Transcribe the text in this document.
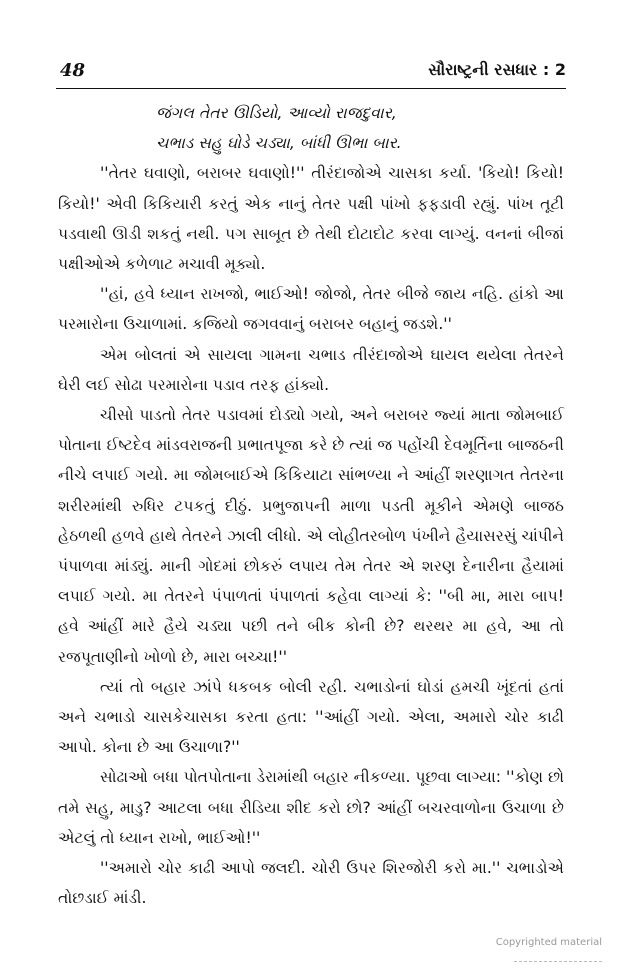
48	સૌરાષ્ટ્રની રસધાર : 2
જંગલ તેતર ઊડિયો, આવ્યો રાજદુવાર,
ચભાડ સહુ ઘોડે ચડ્યા, બાંધી ઊભા બાર.

''તેતર ઘવાણો, બરાબર ઘવાણો!'' તીરંદાજોએ ચાસકા કર્યા. 'કિયો! કિયો! કિયો!' એવી કિકિયારી કરતું એક નાનું તેતર પક્ષી પાંખો ફફડાવી રહ્યું. પાંખ તૂટી પડવાથી ઊડી શકતું નથી. પગ સાબૂત છે તેથી દોટાદોટ કરવા લાગ્યું. વનનાં બીજાં પક્ષીઓએ કળેળાટ મચાવી મૂક્યો.

''હાં, હવે ધ્યાન રાખજો, ભાઈઓ! જોજો, તેતર બીજે જાય નહિ. હાંકો આ પરમારોના ઉચાળામાં. કજિયો જગવવાનું બરાબર બહાનું જડશે.''

એમ બોલતાં એ સાયલા ગામના ચભાડ તીરંદાજોએ ઘાયલ થયેલા તેતરને ઘેરી લઈ સોઢા પરમારોના પડાવ તરફ હાંક્યો.

ચીસો પાડતો તેતર પડાવમાં દોડ્યો ગયો, અને બરાબર જ્યાં માતા જોમબાઈ પોતાના ઈષ્ટદેવ માંડવરાજની પ્રભાતપૂજા કરે છે ત્યાં જ પહોંચી દેવમૂર્તિના બાજઠની નીચે લપાઈ ગયો. મા જોમબાઈએ કિકિયાટા સાંભળ્યા ને આંહીં શરણાગત તેતરના શરીરમાંથી રુધિર ટપકતું દીઠું. પ્રભુજાપની માળા પડતી મૂકીને એમણે બાજઠ હેઠળથી હળવે હાથે તેતરને ઝાલી લીધો. એ લોહીતરબોળ પંખીને હૈયાસરસું ચાંપીને પંપાળવા માંડ્યું. માની ગોદમાં છોકરું લપાય તેમ તેતર એ શરણ દેનારીના હૈયામાં લપાઈ ગયો. મા તેતરને પંપાળતાં પંપાળતાં કહેવા લાગ્યાં કે: ''બી મા, મારા બાપ! હવે આંહીં મારે હૈયે ચડ્યા પછી તને બીક કોની છે? થરથર મા હવે, આ તો રજપૂતાણીનો ખોળો છે, મારા બચ્ચા!''

ત્યાં તો બહાર ઝાંપે ધકબક બોલી રહી. ચભાડોનાં ઘોડાં હમચી ખૂંદતાં હતાં અને ચભાડો ચાસકેચાસકા કરતા હતા: ''આંહીં ગયો. એલા, અમારો ચોર કાઢી આપો. કોના છે આ ઉચાળા?''

સોઢાઓ બધા પોતપોતાના ડેરામાંથી બહાર નીકળ્યા. પૂછવા લાગ્યા: ''કોણ છો તમે સહુ, માડુ? આટલા બધા રીડિયા શીદ કરો છો? આંહીં બચરવાળોના ઉચાળા છે એટલું તો ધ્યાન રાખો, ભાઈઓ!''

''અમારો ચોર કાઢી આપો જલદી. ચોરી ઉપર શિરજોરી કરો મા.'' ચભાડોએ તોછડાઈ માંડી.

Copyrighted material
